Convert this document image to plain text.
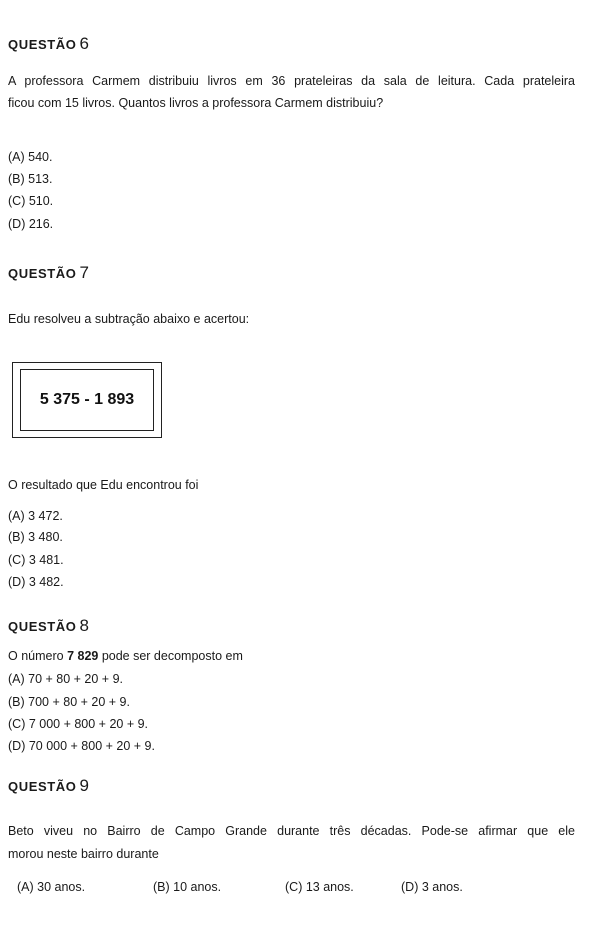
QUESTÃO 6
A professora Carmem distribuiu livros em 36 prateleiras da sala de leitura. Cada prateleira
ficou com 15 livros. Quantos livros a professora Carmem distribuiu?
(A) 540.
(B) 513.
(C) 510.
(D) 216.
QUESTÃO 7
Edu resolveu a subtração abaixo e acertou:
5 375 - 1 893
O resultado que Edu encontrou foi
(A) 3 472.
(B) 3 480.
(C) 3 481.
(D) 3 482.
QUESTÃO 8
O número 7 829 pode ser decomposto em
(A) 70 + 80 + 20 + 9.
(B) 700 + 80 + 20 + 9.
(C) 7 000 + 800 + 20 + 9.
(D) 70 000 + 800 + 20 + 9.
QUESTÃO 9
Beto viveu no Bairro de Campo Grande durante três décadas. Pode-se afirmar que ele
morou neste bairro durante
(A) 30 anos.	(B) 10 anos.	(C) 13 anos.	(D) 3 anos.
